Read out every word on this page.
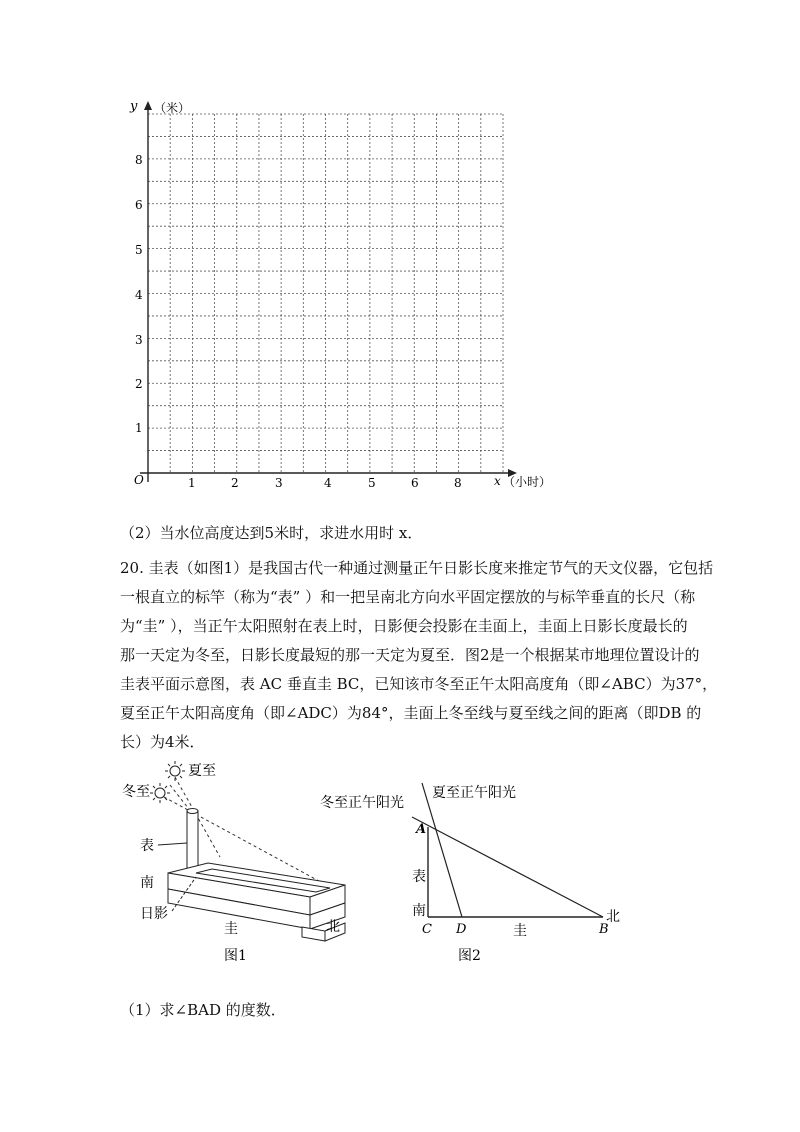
y （米）
O	x （小时）
1
2
3
4
5
6
8
1	2	3	4	5	6	8
（2）当水位高度达到5米时，求进水用时 x．
20. 圭表（如图1）是我国古代一种通过测量正午日影长度来推定节气的天文仪器，它包括
一根直立的标竿（称为“表” ）和一把呈南北方向水平固定摆放的与标竿垂直的长尺（称
为“圭” ），当正午太阳照射在表上时，日影便会投影在圭面上，圭面上日影长度最长的
那一天定为冬至，日影长度最短的那一天定为夏至．图2是一个根据某市地理位置设计的
圭表平面示意图，表 AC 垂直圭 BC，已知该市冬至正午太阳高度角（即∠ABC）为37°，
夏至正午太阳高度角（即∠ADC）为84°，圭面上冬至线与夏至线之间的距离（即DB 的
长）为4米．
夏至
冬至
表
南
日影
圭	北
图1
冬至正午阳光
夏至正午阳光
A
表
南
C D	圭	B
北
图2
（1）求∠BAD 的度数．
